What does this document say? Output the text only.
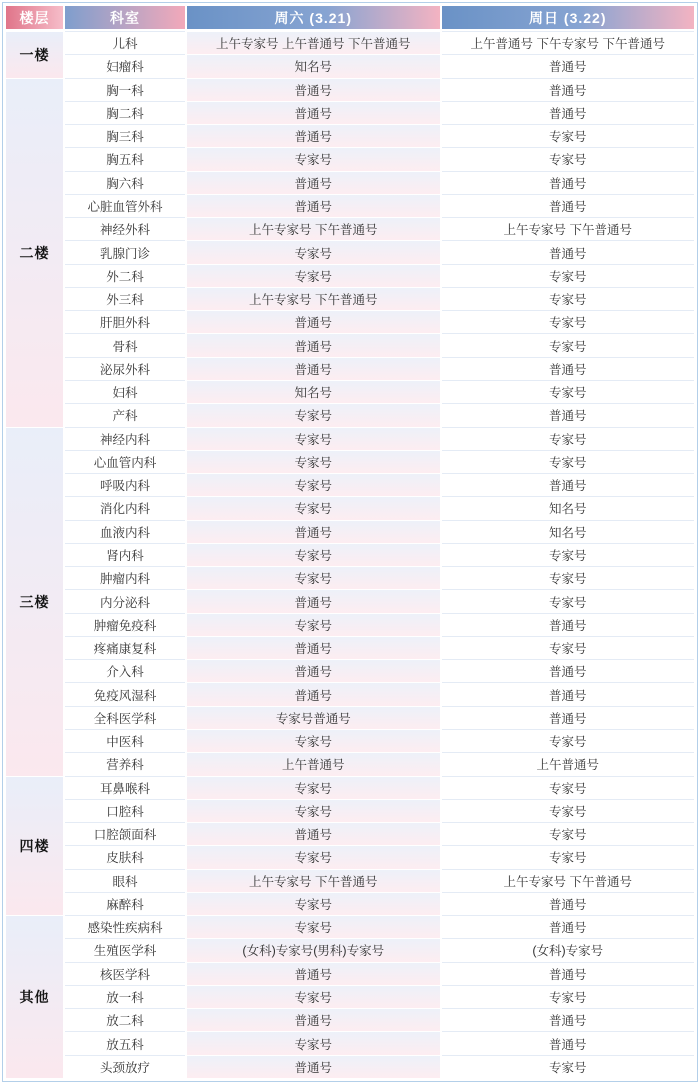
楼层	科室	周六 (3.21)	周日 (3.22)
一楼
儿科	上午专家号 上午普通号 下午普通号	上午普通号 下午专家号 下午普通号
妇瘤科	知名号	普通号
二楼
胸一科	普通号	普通号
胸二科	普通号	普通号
胸三科	普通号	专家号
胸五科	专家号	专家号
胸六科	普通号	普通号
心脏血管外科	普通号	普通号
神经外科	上午专家号 下午普通号	上午专家号 下午普通号
乳腺门诊	专家号	普通号
外二科	专家号	专家号
外三科	上午专家号 下午普通号	专家号
肝胆外科	普通号	专家号
骨科	普通号	专家号
泌尿外科	普通号	普通号
妇科	知名号	专家号
产科	专家号	普通号
三楼
神经内科	专家号	专家号
心血管内科	专家号	专家号
呼吸内科	专家号	普通号
消化内科	专家号	知名号
血液内科	普通号	知名号
肾内科	专家号	专家号
肿瘤内科	专家号	专家号
内分泌科	普通号	专家号
肿瘤免疫科	专家号	普通号
疼痛康复科	普通号	专家号
介入科	普通号	普通号
免疫风湿科	普通号	普通号
全科医学科	专家号普通号	普通号
中医科	专家号	专家号
营养科	上午普通号	上午普通号
四楼
耳鼻喉科	专家号	专家号
口腔科	专家号	专家号
口腔颌面科	普通号	专家号
皮肤科	专家号	专家号
眼科	上午专家号 下午普通号	上午专家号 下午普通号
麻醉科	专家号	普通号
其他
感染性疾病科	专家号	普通号
生殖医学科	(女科)专家号(男科)专家号	(女科)专家号
核医学科	普通号	普通号
放一科	专家号	专家号
放二科	普通号	普通号
放五科	专家号	普通号
头颈放疗	普通号	专家号
